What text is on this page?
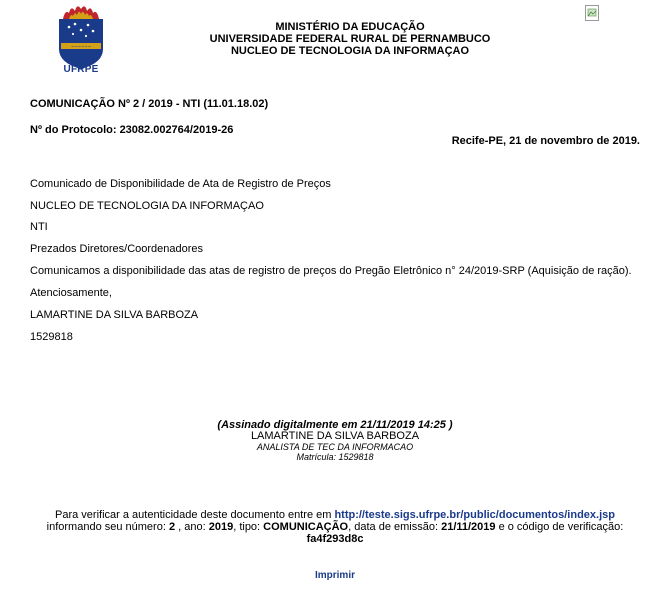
~~~~~~
UFRPE
MINISTÉRIO DA EDUCAÇÃO
UNIVERSIDADE FEDERAL RURAL DE PERNAMBUCO
NUCLEO DE TECNOLOGIA DA INFORMAÇAO
COMUNICAÇÃO Nº 2 / 2019 - NTI (11.01.18.02)
Nº do Protocolo: 23082.002764/2019-26
Recife-PE, 21 de novembro de 2019.
Comunicado de Disponibilidade de Ata de Registro de Preços
NUCLEO DE TECNOLOGIA DA INFORMAÇAO
NTI
Prezados Diretores/Coordenadores
Comunicamos a disponibilidade das atas de registro de preços do Pregão Eletrônico n° 24/2019-SRP (Aquisição de ração).
Atenciosamente,
LAMARTINE DA SILVA BARBOZA
1529818
(Assinado digitalmente em 21/11/2019 14:25 )
LAMARTINE DA SILVA BARBOZA
ANALISTA DE TEC DA INFORMACAO
Matrícula: 1529818
Para verificar a autenticidade deste documento entre em http://teste.sigs.ufrpe.br/public/documentos/index.jsp
informando seu número: 2 , ano: 2019, tipo: COMUNICAÇÃO, data de emissão: 21/11/2019 e o código de verificação:
fa4f293d8c
Imprimir
